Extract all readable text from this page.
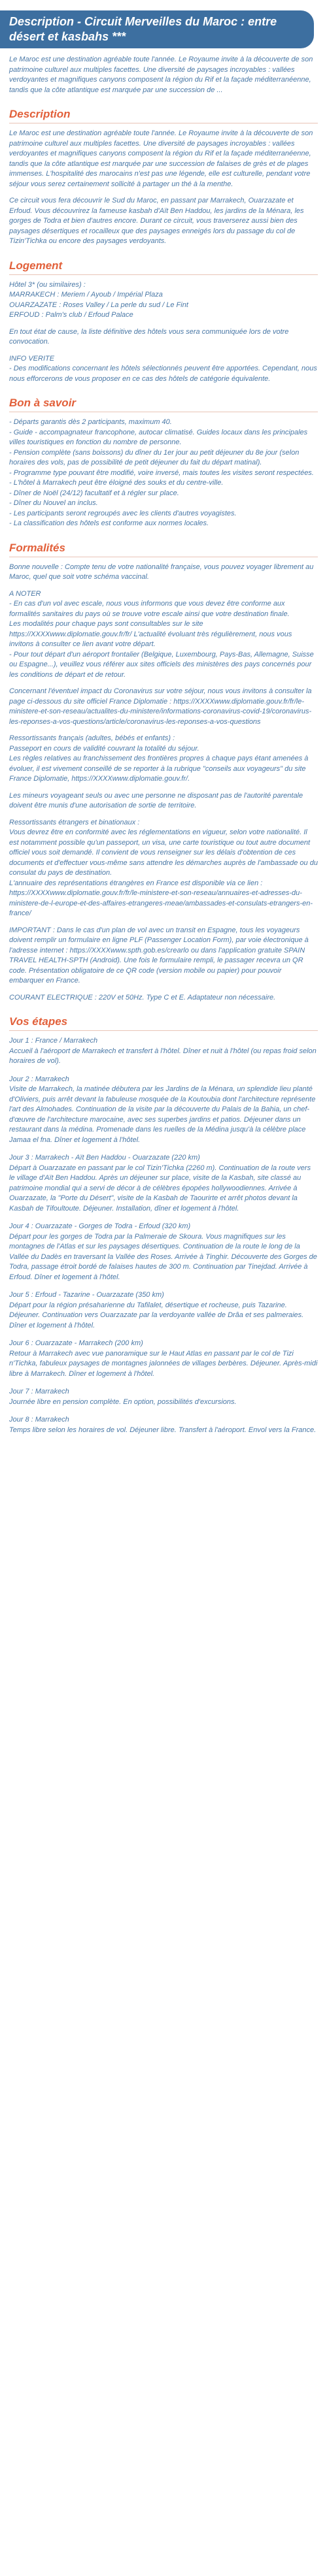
Description - Circuit Merveilles du Maroc : entre désert et kasbahs ***

Le Maroc est une destination agréable toute l'année. Le Royaume invite à la découverte de son patrimoine culturel aux multiples facettes. Une diversité de paysages incroyables : vallées verdoyantes et magnifiques canyons composent la région du Rif et la façade méditerranéenne, tandis que la côte atlantique est marquée par une succession de ...

Description

Le Maroc est une destination agréable toute l'année. Le Royaume invite à la découverte de son patrimoine culturel aux multiples facettes. Une diversité de paysages incroyables : vallées verdoyantes et magnifiques canyons composent la région du Rif et la façade méditerranéenne, tandis que la côte atlantique est marquée par une succession de falaises de grès et de plages immenses. L'hospitalité des marocains n'est pas une légende, elle est culturelle, pendant votre séjour vous serez certainement sollicité à partager un thé à la menthe.

Ce circuit vous fera découvrir le Sud du Maroc, en passant par Marrakech, Ouarzazate et Erfoud. Vous découvrirez la fameuse kasbah d'Aït Ben Haddou, les jardins de la Ménara, les gorges de Todra et bien d'autres encore. Durant ce circuit, vous traverserez aussi bien des paysages désertiques et rocailleux que des paysages enneigés lors du passage du col de Tizin'Tichka ou encore des paysages verdoyants.

Logement
Hôtel 3* (ou similaires) :
MARRAKECH : Meriem / Ayoub / Impérial Plaza
OUARZAZATE : Roses Valley / La perle du sud / Le Fint
ERFOUD : Palm's club / Erfoud Palace

En tout état de cause, la liste définitive des hôtels vous sera communiquée lors de votre convocation.

INFO VERITE
- Des modifications concernant les hôtels sélectionnés peuvent être apportées. Cependant, nous nous efforcerons de vous proposer en ce cas des hôtels de catégorie équivalente.
Bon à savoir
- Départs garantis dès 2 participants, maximum 40.
- Guide - accompagnateur francophone, autocar climatisé. Guides locaux dans les principales villes touristiques en fonction du nombre de personne.
- Pension complète (sans boissons) du dîner du 1er jour au petit déjeuner du 8e jour (selon horaires des vols, pas de possibilité de petit déjeuner du fait du départ matinal).
- Programme type pouvant être modifié, voire inversé, mais toutes les visites seront respectées.
- L'hôtel à Marrakech peut être éloigné des souks et du centre-ville.
- Dîner de Noël (24/12) facultatif et à régler sur place.
- Dîner du Nouvel an inclus.
- Les participants seront regroupés avec les clients d'autres voyagistes.
- La classification des hôtels est conforme aux normes locales.
Formalités

Bonne nouvelle : Compte tenu de votre nationalité française, vous pouvez voyager librement au Maroc, quel que soit votre schéma vaccinal.

A NOTER
- En cas d'un vol avec escale, nous vous informons que vous devez être conforme aux formalités sanitaires du pays où se trouve votre escale ainsi que votre destination finale.
Les modalités pour chaque pays sont consultables sur le site https://XXXXwww.diplomatie.gouv.fr/fr/ L'actualité évoluant très régulièrement, nous vous invitons à consulter ce lien avant votre départ.
- Pour tout départ d'un aéroport frontalier (Belgique, Luxembourg, Pays-Bas, Allemagne, Suisse ou Espagne...), veuillez vous référer aux sites officiels des ministères des pays concernés pour les conditions de départ et de retour.

Concernant l'éventuel impact du Coronavirus sur votre séjour, nous vous invitons à consulter la page ci-dessous du site officiel France Diplomatie : https://XXXXwww.diplomatie.gouv.fr/fr/le-ministere-et-son-reseau/actualites-du-ministere/informations-coronavirus-covid-19/coronavirus-les-reponses-a-vos-questions/article/coronavirus-les-reponses-a-vos-questions

Ressortissants français (adultes, bébés et enfants) :
Passeport en cours de validité couvrant la totalité du séjour.
Les règles relatives au franchissement des frontières propres à chaque pays étant amenées à évoluer, il est vivement conseillé de se reporter à la rubrique "conseils aux voyageurs" du site France Diplomatie, https://XXXXwww.diplomatie.gouv.fr/.

Les mineurs voyageant seuls ou avec une personne ne disposant pas de l'autorité parentale doivent être munis d'une autorisation de sortie de territoire.

Ressortissants étrangers et binationaux :
Vous devrez être en conformité avec les réglementations en vigueur, selon votre nationalité. Il est notamment possible qu'un passeport, un visa, une carte touristique ou tout autre document officiel vous soit demandé. Il convient de vous renseigner sur les délais d'obtention de ces documents et d'effectuer vous-même sans attendre les démarches auprès de l'ambassade ou du consulat du pays de destination.
L'annuaire des représentations étrangères en France est disponible via ce lien : https://XXXXwww.diplomatie.gouv.fr/fr/le-ministere-et-son-reseau/annuaires-et-adresses-du-ministere-de-l-europe-et-des-affaires-etrangeres-meae/ambassades-et-consulats-etrangers-en-france/

IMPORTANT : Dans le cas d'un plan de vol avec un transit en Espagne, tous les voyageurs doivent remplir un formulaire en ligne PLF (Passenger Location Form), par voie électronique à l'adresse internet : https://XXXXwww.spth.gob.es/crearlo ou dans l'application gratuite SPAIN TRAVEL HEALTH-SPTH (Android). Une fois le formulaire rempli, le passager recevra un QR code. Présentation obligatoire de ce QR code (version mobile ou papier) pour pouvoir embarquer en France.

COURANT ELECTRIQUE : 220V et 50Hz. Type C et E. Adaptateur non nécessaire.

Vos étapes
Jour 1 : France / Marrakech
Accueil à l'aéroport de Marrakech et transfert à l'hôtel. Dîner et nuit à l'hôtel (ou repas froid selon horaires de vol).
Jour 2 : Marrakech
Visite de Marrakech, la matinée débutera par les Jardins de la Ménara, un splendide lieu planté d'Oliviers, puis arrêt devant la fabuleuse mosquée de la Koutoubia dont l'architecture représente l'art des Almohades. Continuation de la visite par la découverte du Palais de la Bahia, un chef-d'œuvre de l'architecture marocaine, avec ses superbes jardins et patios. Déjeuner dans un restaurant dans la médina. Promenade dans les ruelles de la Médina jusqu'à la célèbre place Jamaa el fna. Dîner et logement à l'hôtel.
Jour 3 : Marrakech - Aït Ben Haddou - Ouarzazate (220 km)
Départ à Ouarzazate en passant par le col Tizin'Tichka (2260 m). Continuation de la route vers le village d'Aït Ben Haddou. Après un déjeuner sur place, visite de la Kasbah, site classé au patrimoine mondial qui a servi de décor à de célèbres épopées hollywoodiennes. Arrivée à Ouarzazate, la "Porte du Désert", visite de la Kasbah de Taourirte et arrêt photos devant la Kasbah de Tifoultoute. Déjeuner. Installation, dîner et logement à l'hôtel.
Jour 4 : Ouarzazate - Gorges de Todra - Erfoud (320 km)
Départ pour les gorges de Todra par la Palmeraie de Skoura. Vous magnifiques sur les montagnes de l'Atlas et sur les paysages désertiques. Continuation de la route le long de la Vallée du Dadès en traversant la Vallée des Roses. Arrivée à Tinghir. Découverte des Gorges de Todra, passage étroit bordé de falaises hautes de 300 m. Continuation par Tinejdad. Arrivée à Erfoud. Dîner et logement à l'hôtel.
Jour 5 : Erfoud - Tazarine - Ouarzazate (350 km)
Départ pour la région présaharienne du Tafilalet, désertique et rocheuse, puis Tazarine. Déjeuner. Continuation vers Ouarzazate par la verdoyante vallée de Drâa et ses palmeraies. Dîner et logement à l'hôtel.
Jour 6 : Ouarzazate - Marrakech (200 km)
Retour à Marrakech avec vue panoramique sur le Haut Atlas en passant par le col de Tizi n'Tichka, fabuleux paysages de montagnes jalonnées de villages berbères. Déjeuner. Après-midi libre à Marrakech. Dîner et logement à l'hôtel.
Jour 7 : Marrakech
Journée libre en pension complète. En option, possibilités d'excursions.
Jour 8 : Marrakech
Temps libre selon les horaires de vol. Déjeuner libre. Transfert à l'aéroport. Envol vers la France.
